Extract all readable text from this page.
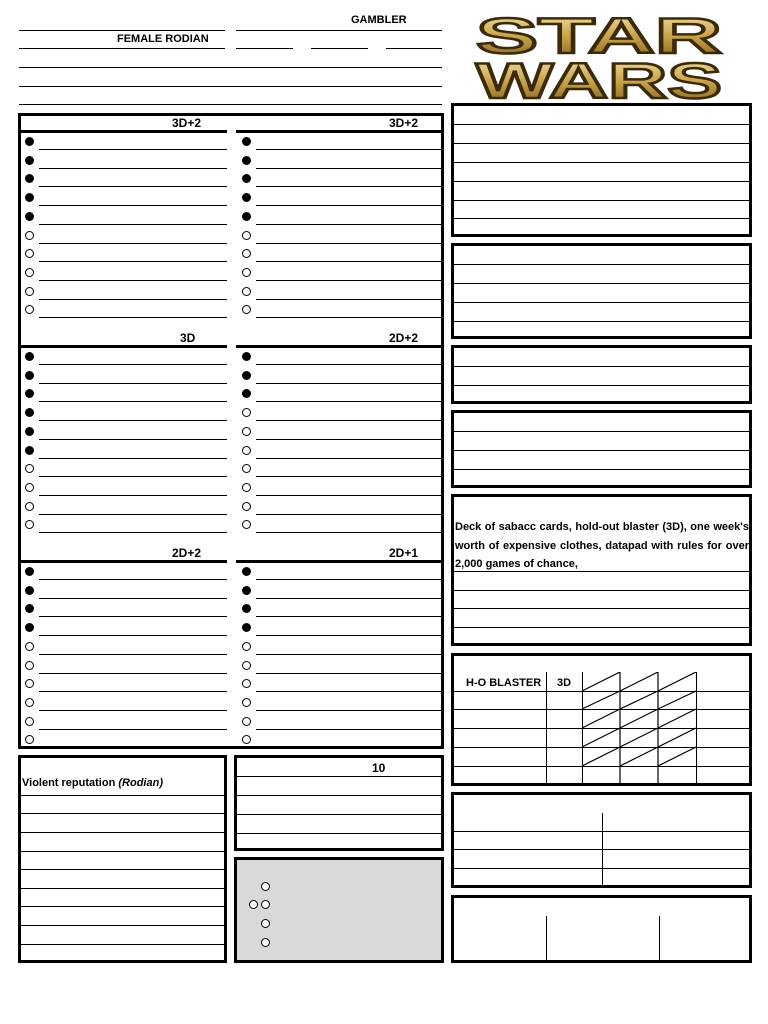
GAMBLER
FEMALE RODIAN	STAR
WARS
3D+2	3D+2
3D	2D+2
2D+2	2D+1
Deck of sabacc cards, hold-out blaster (3D), one week's worth of expensive clothes, datapad with rules for over 2,000 games of chance,
H-O BLASTER 3D
Violent reputation (Rodian)
10
